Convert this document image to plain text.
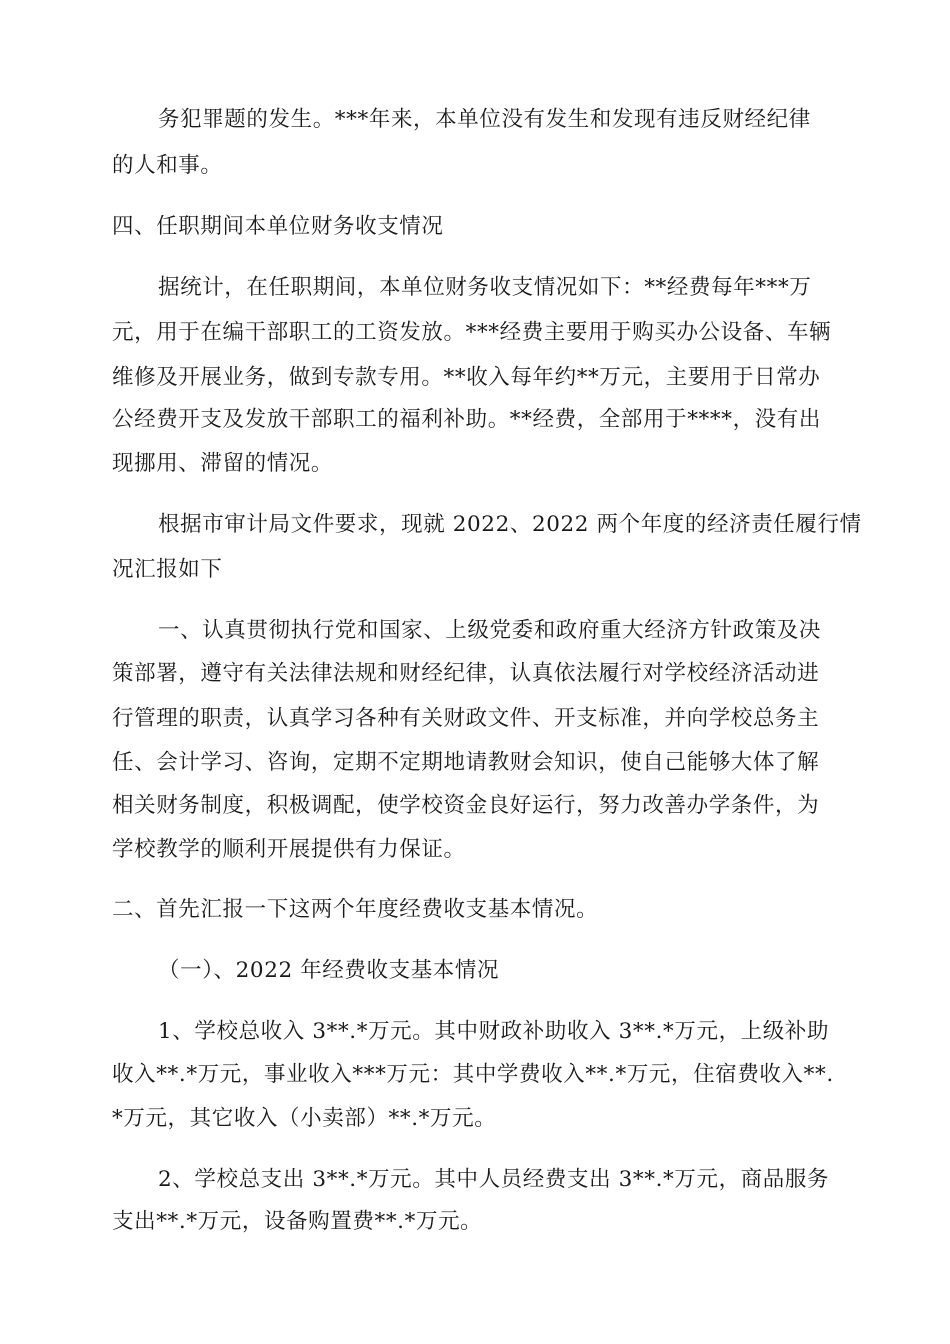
务犯罪题的发生。***年来，本单位没有发生和发现有违反财经纪律
的人和事。
四、任职期间本单位财务收支情况
据统计，在任职期间，本单位财务收支情况如下：**经费每年***万
元，用于在编干部职工的工资发放。***经费主要用于购买办公设备、车辆
维修及开展业务，做到专款专用。**收入每年约**万元，主要用于日常办
公经费开支及发放干部职工的福利补助。**经费，全部用于****，没有出
现挪用、滞留的情况。
根据市审计局文件要求，现就 2022、2022 两个年度的经济责任履行情
况汇报如下
一、认真贯彻执行党和国家、上级党委和政府重大经济方针政策及决
策部署，遵守有关法律法规和财经纪律，认真依法履行对学校经济活动进
行管理的职责，认真学习各种有关财政文件、开支标准，并向学校总务主
任、会计学习、咨询，定期不定期地请教财会知识，使自己能够大体了解
相关财务制度，积极调配，使学校资金良好运行，努力改善办学条件，为
学校教学的顺利开展提供有力保证。
二、首先汇报一下这两个年度经费收支基本情况。
（一）、2022 年经费收支基本情况
1、学校总收入 3**.*万元。其中财政补助收入 3**.*万元，上级补助
收入**.*万元，事业收入***万元：其中学费收入**.*万元，住宿费收入**.
*万元，其它收入（小卖部）**.*万元。
2、学校总支出 3**.*万元。其中人员经费支出 3**.*万元，商品服务
支出**.*万元，设备购置费**.*万元。
